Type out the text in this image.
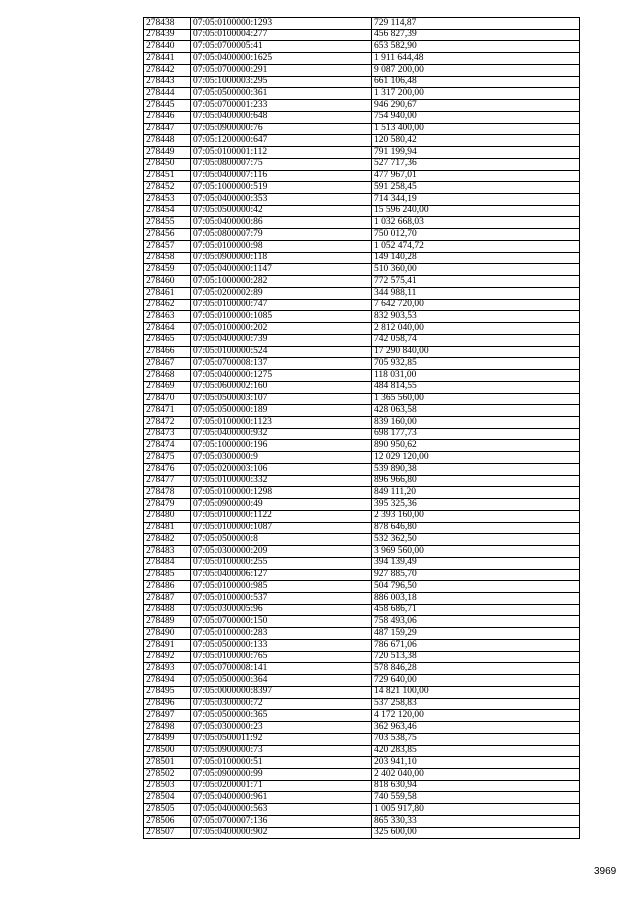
278438	07:05:0100000:1293	729 114,87
278439	07:05:0100004:277	456 827,39
278440	07:05:0700005:41	653 582,90
278441	07:05:0400000:1625	1 911 644,48
278442	07:05:0700000:291	9 087 200,00
278443	07:05:1000003:295	661 106,48
278444	07:05:0500000:361	1 317 200,00
278445	07:05:0700001:233	946 290,67
278446	07:05:0400000:648	754 940,00
278447	07:05:0900000:76	1 513 400,00
278448	07:05:1200000:647	120 580,42
278449	07:05:0100001:112	791 199,94
278450	07:05:0800007:75	527 717,36
278451	07:05:0400007:116	477 967,01
278452	07:05:1000000:519	591 258,45
278453	07:05:0400000:353	714 344,19
278454	07:05:0500000:42	15 596 240,00
278455	07:05:0400000:86	1 032 668,03
278456	07:05:0800007:79	750 012,70
278457	07:05:0100000:98	1 052 474,72
278458	07:05:0900000:118	149 140,28
278459	07:05:0400000:1147	510 360,00
278460	07:05:1000000:282	772 575,41
278461	07:05:0200002:89	344 988,11
278462	07:05:0100000:747	7 642 720,00
278463	07:05:0100000:1085	832 903,53
278464	07:05:0100000:202	2 812 040,00
278465	07:05:0400000:739	742 058,74
278466	07:05:0100000:524	17 290 840,00
278467	07:05:0700008:137	705 932,85
278468	07:05:0400000:1275	118 031,00
278469	07:05:0600002:160	484 814,55
278470	07:05:0500003:107	1 365 560,00
278471	07:05:0500000:189	428 063,58
278472	07:05:0100000:1123	839 160,00
278473	07:05:0400000:932	698 177,73
278474	07:05:1000000:196	890 950,62
278475	07:05:0300000:9	12 029 120,00
278476	07:05:0200003:106	539 890,38
278477	07:05:0100000:332	896 966,80
278478	07:05:0100000:1298	849 111,20
278479	07:05:0900000:49	395 325,36
278480	07:05:0100000:1122	2 393 160,00
278481	07:05:0100000:1087	878 646,80
278482	07:05:0500000:8	532 362,50
278483	07:05:0300000:209	3 969 560,00
278484	07:05:0100000:255	394 139,49
278485	07:05:0400006:127	927 885,70
278486	07:05:0100000:985	504 796,50
278487	07:05:0100000:537	886 003,18
278488	07:05:0300005:96	458 686,71
278489	07:05:0700000:150	758 493,06
278490	07:05:0100000:283	487 159,29
278491	07:05:0500000:133	786 671,06
278492	07:05:0100000:765	720 513,38
278493	07:05:0700008:141	578 846,28
278494	07:05:0500000:364	729 640,00
278495	07:05:0000000:8397	14 821 100,00
278496	07:05:0300000:72	537 258,83
278497	07:05:0500000:365	4 172 120,00
278498	07:05:0300000:23	362 963,46
278499	07:05:0500011:92	703 538,75
278500	07:05:0900000:73	420 283,85
278501	07:05:0100000:51	203 941,10
278502	07:05:0900000:99	2 402 040,00
278503	07:05:0200001:71	818 630,94
278504	07:05:0400000:961	740 559,58
278505	07:05:0400000:563	1 005 917,80
278506	07:05:0700007:136	865 330,33
278507	07:05:0400000:902	325 600,00
3969
